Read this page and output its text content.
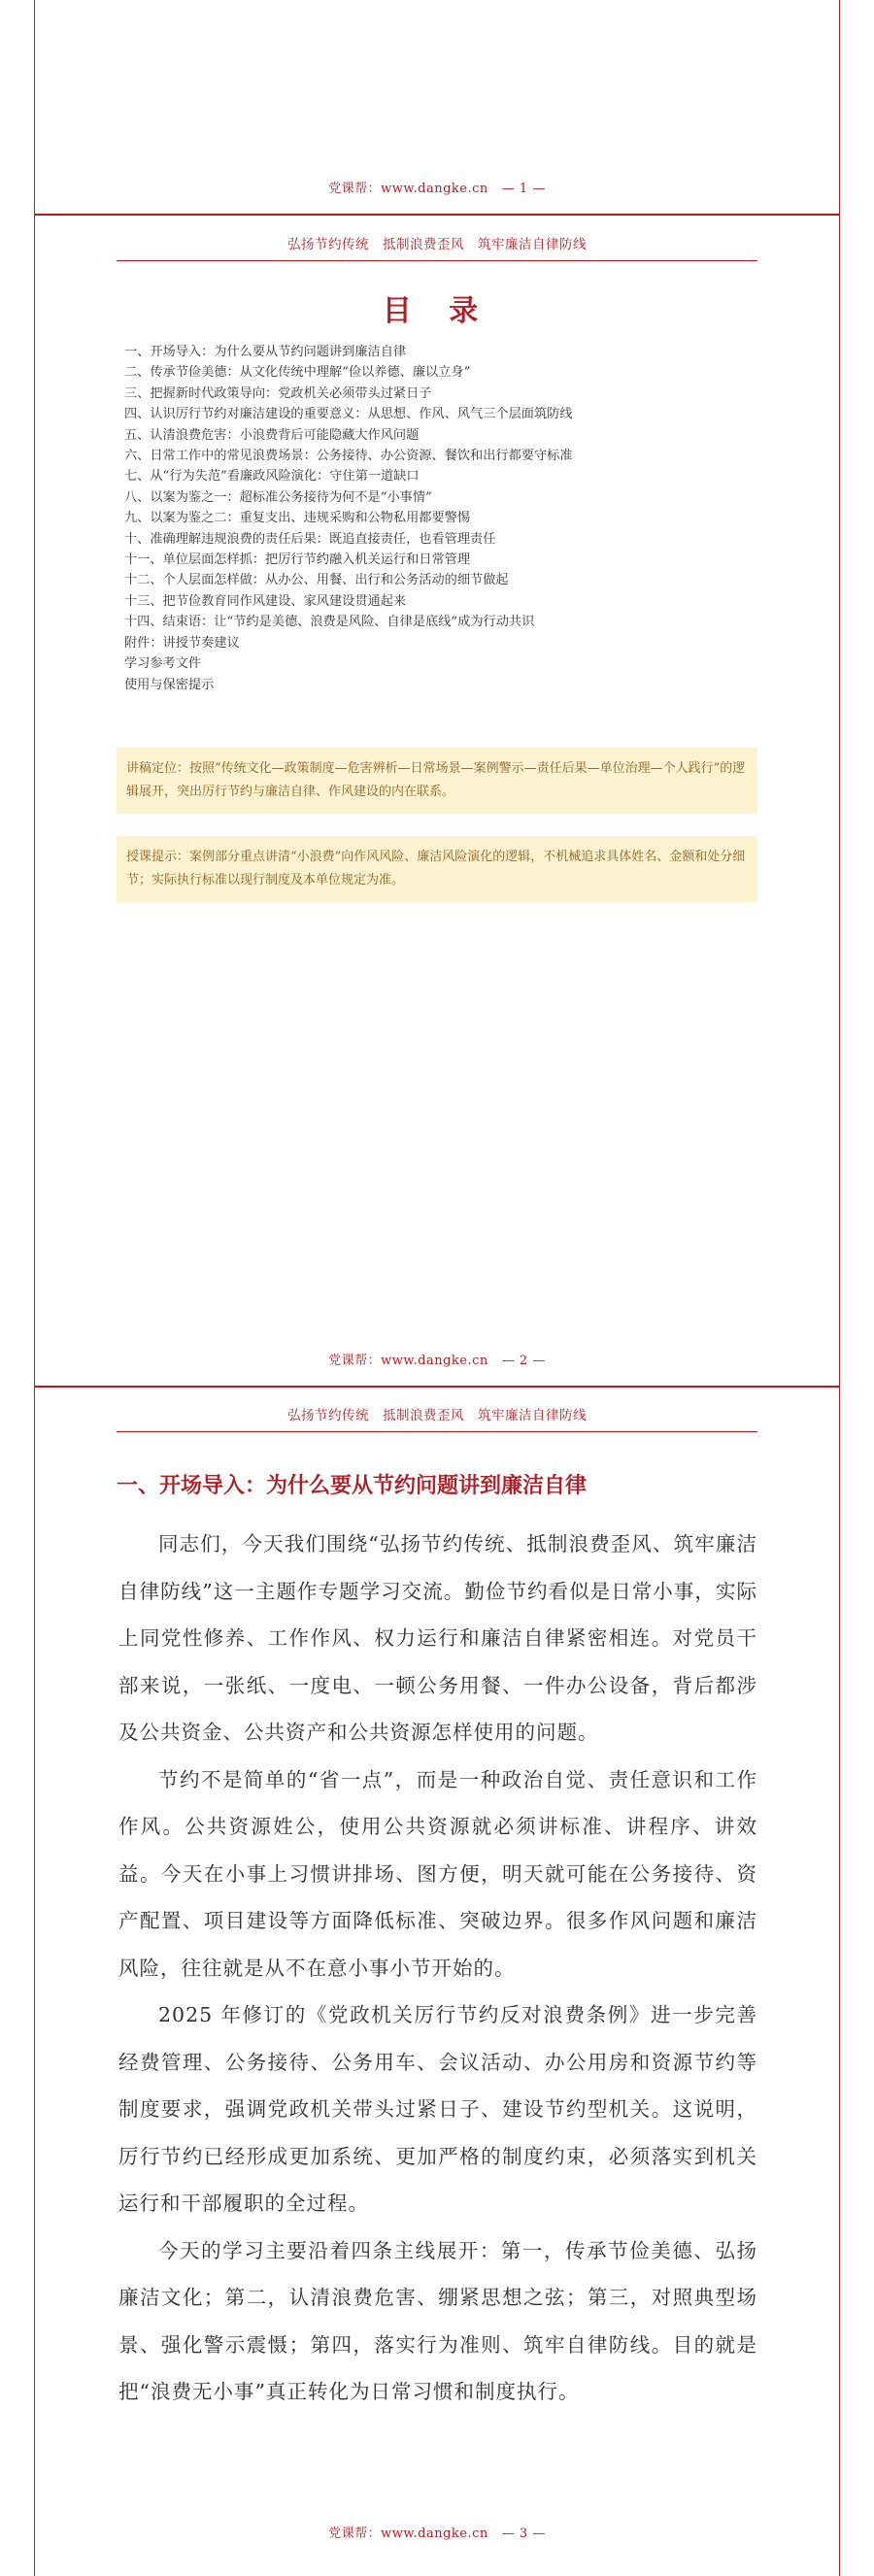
党课帮：www.dangke.cn — 1 —
弘扬节约传统　抵制浪费歪风　筑牢廉洁自律防线
目 录
一、开场导入：为什么要从节约问题讲到廉洁自律
二、传承节俭美德：从文化传统中理解“俭以养德、廉以立身”
三、把握新时代政策导向：党政机关必须带头过紧日子
四、认识厉行节约对廉洁建设的重要意义：从思想、作风、风气三个层面筑防线
五、认清浪费危害：小浪费背后可能隐藏大作风问题
六、日常工作中的常见浪费场景：公务接待、办公资源、餐饮和出行都要守标准
七、从“行为失范”看廉政风险演化：守住第一道缺口
八、以案为鉴之一：超标准公务接待为何不是“小事情”
九、以案为鉴之二：重复支出、违规采购和公物私用都要警惕
十、准确理解违规浪费的责任后果：既追直接责任，也看管理责任
十一、单位层面怎样抓：把厉行节约融入机关运行和日常管理
十二、个人层面怎样做：从办公、用餐、出行和公务活动的细节做起
十三、把节俭教育同作风建设、家风建设贯通起来
十四、结束语：让“节约是美德、浪费是风险、自律是底线”成为行动共识
附件：讲授节奏建议
学习参考文件
使用与保密提示
讲稿定位：按照“传统文化—政策制度—危害辨析—日常场景—案例警示—责任后果—单位治理—个人践行”的逻辑展开，突出厉行节约与廉洁自律、作风建设的内在联系。
授课提示：案例部分重点讲清“小浪费”向作风风险、廉洁风险演化的逻辑，不机械追求具体姓名、金额和处分细节；实际执行标准以现行制度及本单位规定为准。
党课帮：www.dangke.cn — 2 —
弘扬节约传统　抵制浪费歪风　筑牢廉洁自律防线
一、开场导入：为什么要从节约问题讲到廉洁自律

同志们，今天我们围绕“弘扬节约传统、抵制浪费歪风、筑牢廉洁自律防线”这一主题作专题学习交流。勤俭节约看似是日常小事，实际上同党性修养、工作作风、权力运行和廉洁自律紧密相连。对党员干部来说，一张纸、一度电、一顿公务用餐、一件办公设备，背后都涉及公共资金、公共资产和公共资源怎样使用的问题。

节约不是简单的“省一点”，而是一种政治自觉、责任意识和工作作风。公共资源姓公，使用公共资源就必须讲标准、讲程序、讲效益。今天在小事上习惯讲排场、图方便，明天就可能在公务接待、资产配置、项目建设等方面降低标准、突破边界。很多作风问题和廉洁风险，往往就是从不在意小事小节开始的。

2025 年修订的《党政机关厉行节约反对浪费条例》进一步完善经费管理、公务接待、公务用车、会议活动、办公用房和资源节约等制度要求，强调党政机关带头过紧日子、建设节约型机关。这说明，厉行节约已经形成更加系统、更加严格的制度约束，必须落实到机关运行和干部履职的全过程。

今天的学习主要沿着四条主线展开：第一，传承节俭美德、弘扬廉洁文化；第二，认清浪费危害、绷紧思想之弦；第三，对照典型场景、强化警示震慑；第四，落实行为准则、筑牢自律防线。目的就是把“浪费无小事”真正转化为日常习惯和制度执行。

党课帮：www.dangke.cn — 3 —
